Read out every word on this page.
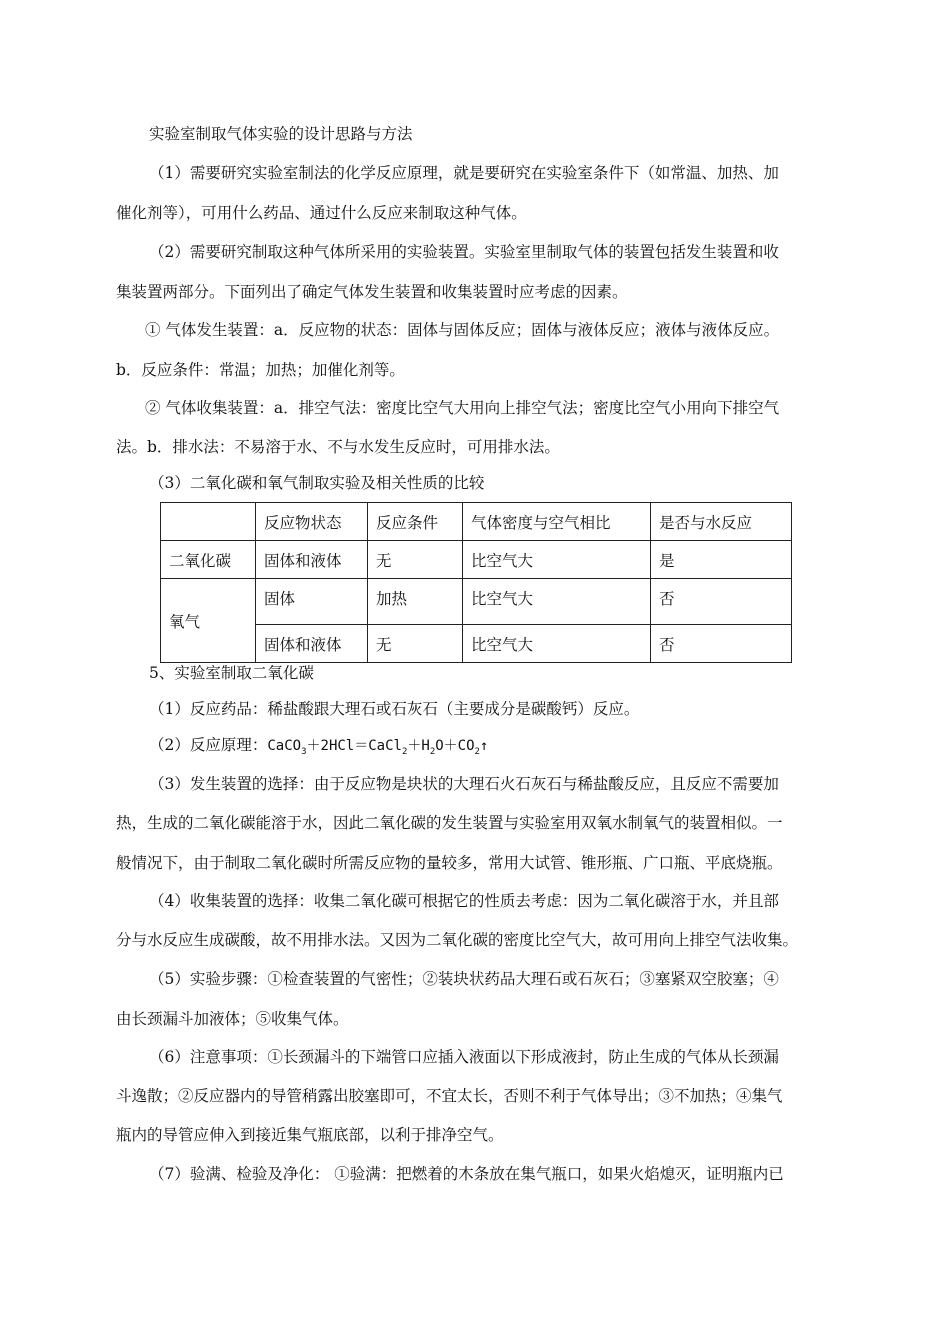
实验室制取气体实验的设计思路与方法
（1）需要研究实验室制法的化学反应原理，就是要研究在实验室条件下（如常温、加热、加
催化剂等），可用什么药品、通过什么反应来制取这种气体。
（2）需要研究制取这种气体所采用的实验装置。实验室里制取气体的装置包括发生装置和收
集装置两部分。下面列出了确定气体发生装置和收集装置时应考虑的因素。
① 气体发生装置：a．反应物的状态：固体与固体反应；固体与液体反应；液体与液体反应。
b．反应条件：常温；加热；加催化剂等。
② 气体收集装置：a．排空气法：密度比空气大用向上排空气法；密度比空气小用向下排空气
法。b．排水法：不易溶于水、不与水发生反应时，可用排水法。
（3）二氧化碳和氧气制取实验及相关性质的比较
	反应物状态	反应条件	气体密度与空气相比	是否与水反应
二氧化碳	固体和液体	无	比空气大	是
氧气	固体	加热	比空气大	否
	固体和液体	无	比空气大	否
5、实验室制取二氧化碳
（1）反应药品：稀盐酸跟大理石或石灰石（主要成分是碳酸钙）反应。
（2）反应原理：$CaCO_3+2HCl=CaCl_2+H_2O+CO_2↑$
（3）发生装置的选择：由于反应物是块状的大理石火石灰石与稀盐酸反应，且反应不需要加
热，生成的二氧化碳能溶于水，因此二氧化碳的发生装置与实验室用双氧水制氧气的装置相似。一
般情况下，由于制取二氧化碳时所需反应物的量较多，常用大试管、锥形瓶、广口瓶、平底烧瓶。
（4）收集装置的选择：收集二氧化碳可根据它的性质去考虑：因为二氧化碳溶于水，并且部
分与水反应生成碳酸，故不用排水法。又因为二氧化碳的密度比空气大，故可用向上排空气法收集。
（5）实验步骤：①检查装置的气密性；②装块状药品大理石或石灰石；③塞紧双空胶塞；④
由长颈漏斗加液体；⑤收集气体。
（6）注意事项：①长颈漏斗的下端管口应插入液面以下形成液封，防止生成的气体从长颈漏
斗逸散；②反应器内的导管稍露出胶塞即可，不宜太长，否则不利于气体导出；③不加热；④集气
瓶内的导管应伸入到接近集气瓶底部，以利于排净空气。
（7）验满、检验及净化： ①验满：把燃着的木条放在集气瓶口，如果火焰熄灭，证明瓶内已
